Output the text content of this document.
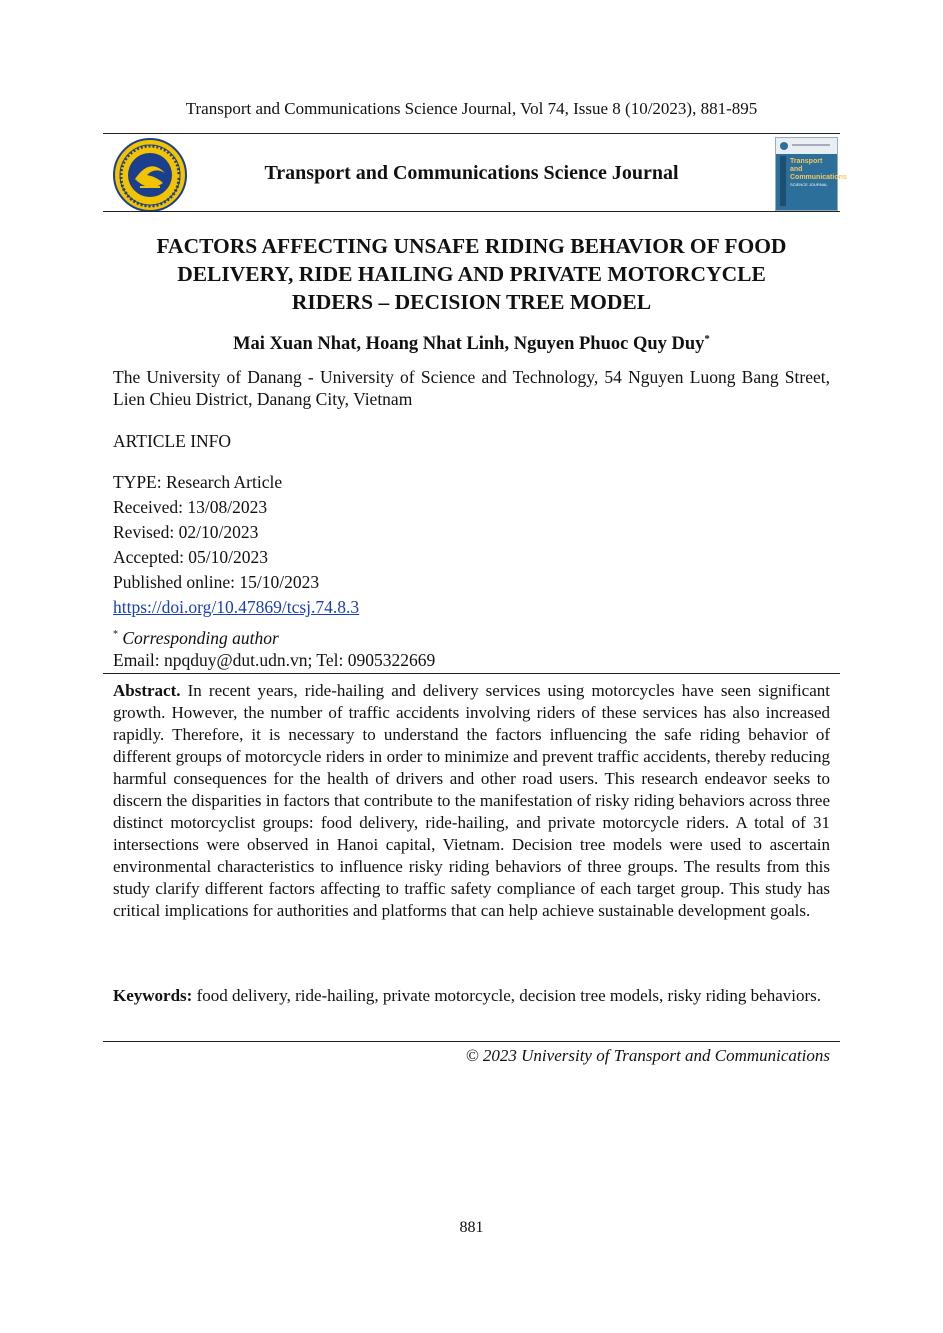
Transport and Communications Science Journal, Vol 74, Issue 8 (10/2023), 881-895
Transport and Communications Science Journal
Transport and Communications
SCIENCE JOURNAL
FACTORS AFFECTING UNSAFE RIDING BEHAVIOR OF FOOD
DELIVERY, RIDE HAILING AND PRIVATE MOTORCYCLE
RIDERS – DECISION TREE MODEL
Mai Xuan Nhat, Hoang Nhat Linh, Nguyen Phuoc Quy Duy*
The University of Danang - University of Science and Technology, 54 Nguyen Luong Bang Street, Lien Chieu District, Danang City, Vietnam
ARTICLE INFO
TYPE: Research Article
Received: 13/08/2023
Revised: 02/10/2023
Accepted: 05/10/2023
Published online: 15/10/2023
https://doi.org/10.47869/tcsj.74.8.3
* Corresponding author
Email: npqduy@dut.udn.vn; Tel: 0905322669
Abstract. In recent years, ride-hailing and delivery services using motorcycles have seen significant growth. However, the number of traffic accidents involving riders of these services has also increased rapidly. Therefore, it is necessary to understand the factors influencing the safe riding behavior of different groups of motorcycle riders in order to minimize and prevent traffic accidents, thereby reducing harmful consequences for the health of drivers and other road users. This research endeavor seeks to discern the disparities in factors that contribute to the manifestation of risky riding behaviors across three distinct motorcyclist groups: food delivery, ride-hailing, and private motorcycle riders. A total of 31 intersections were observed in Hanoi capital, Vietnam. Decision tree models were used to ascertain environmental characteristics to influence risky riding behaviors of three groups. The results from this study clarify different factors affecting to traffic safety compliance of each target group. This study has critical implications for authorities and platforms that can help achieve sustainable development goals.
Keywords: food delivery, ride-hailing, private motorcycle, decision tree models, risky riding behaviors.
© 2023 University of Transport and Communications
881
